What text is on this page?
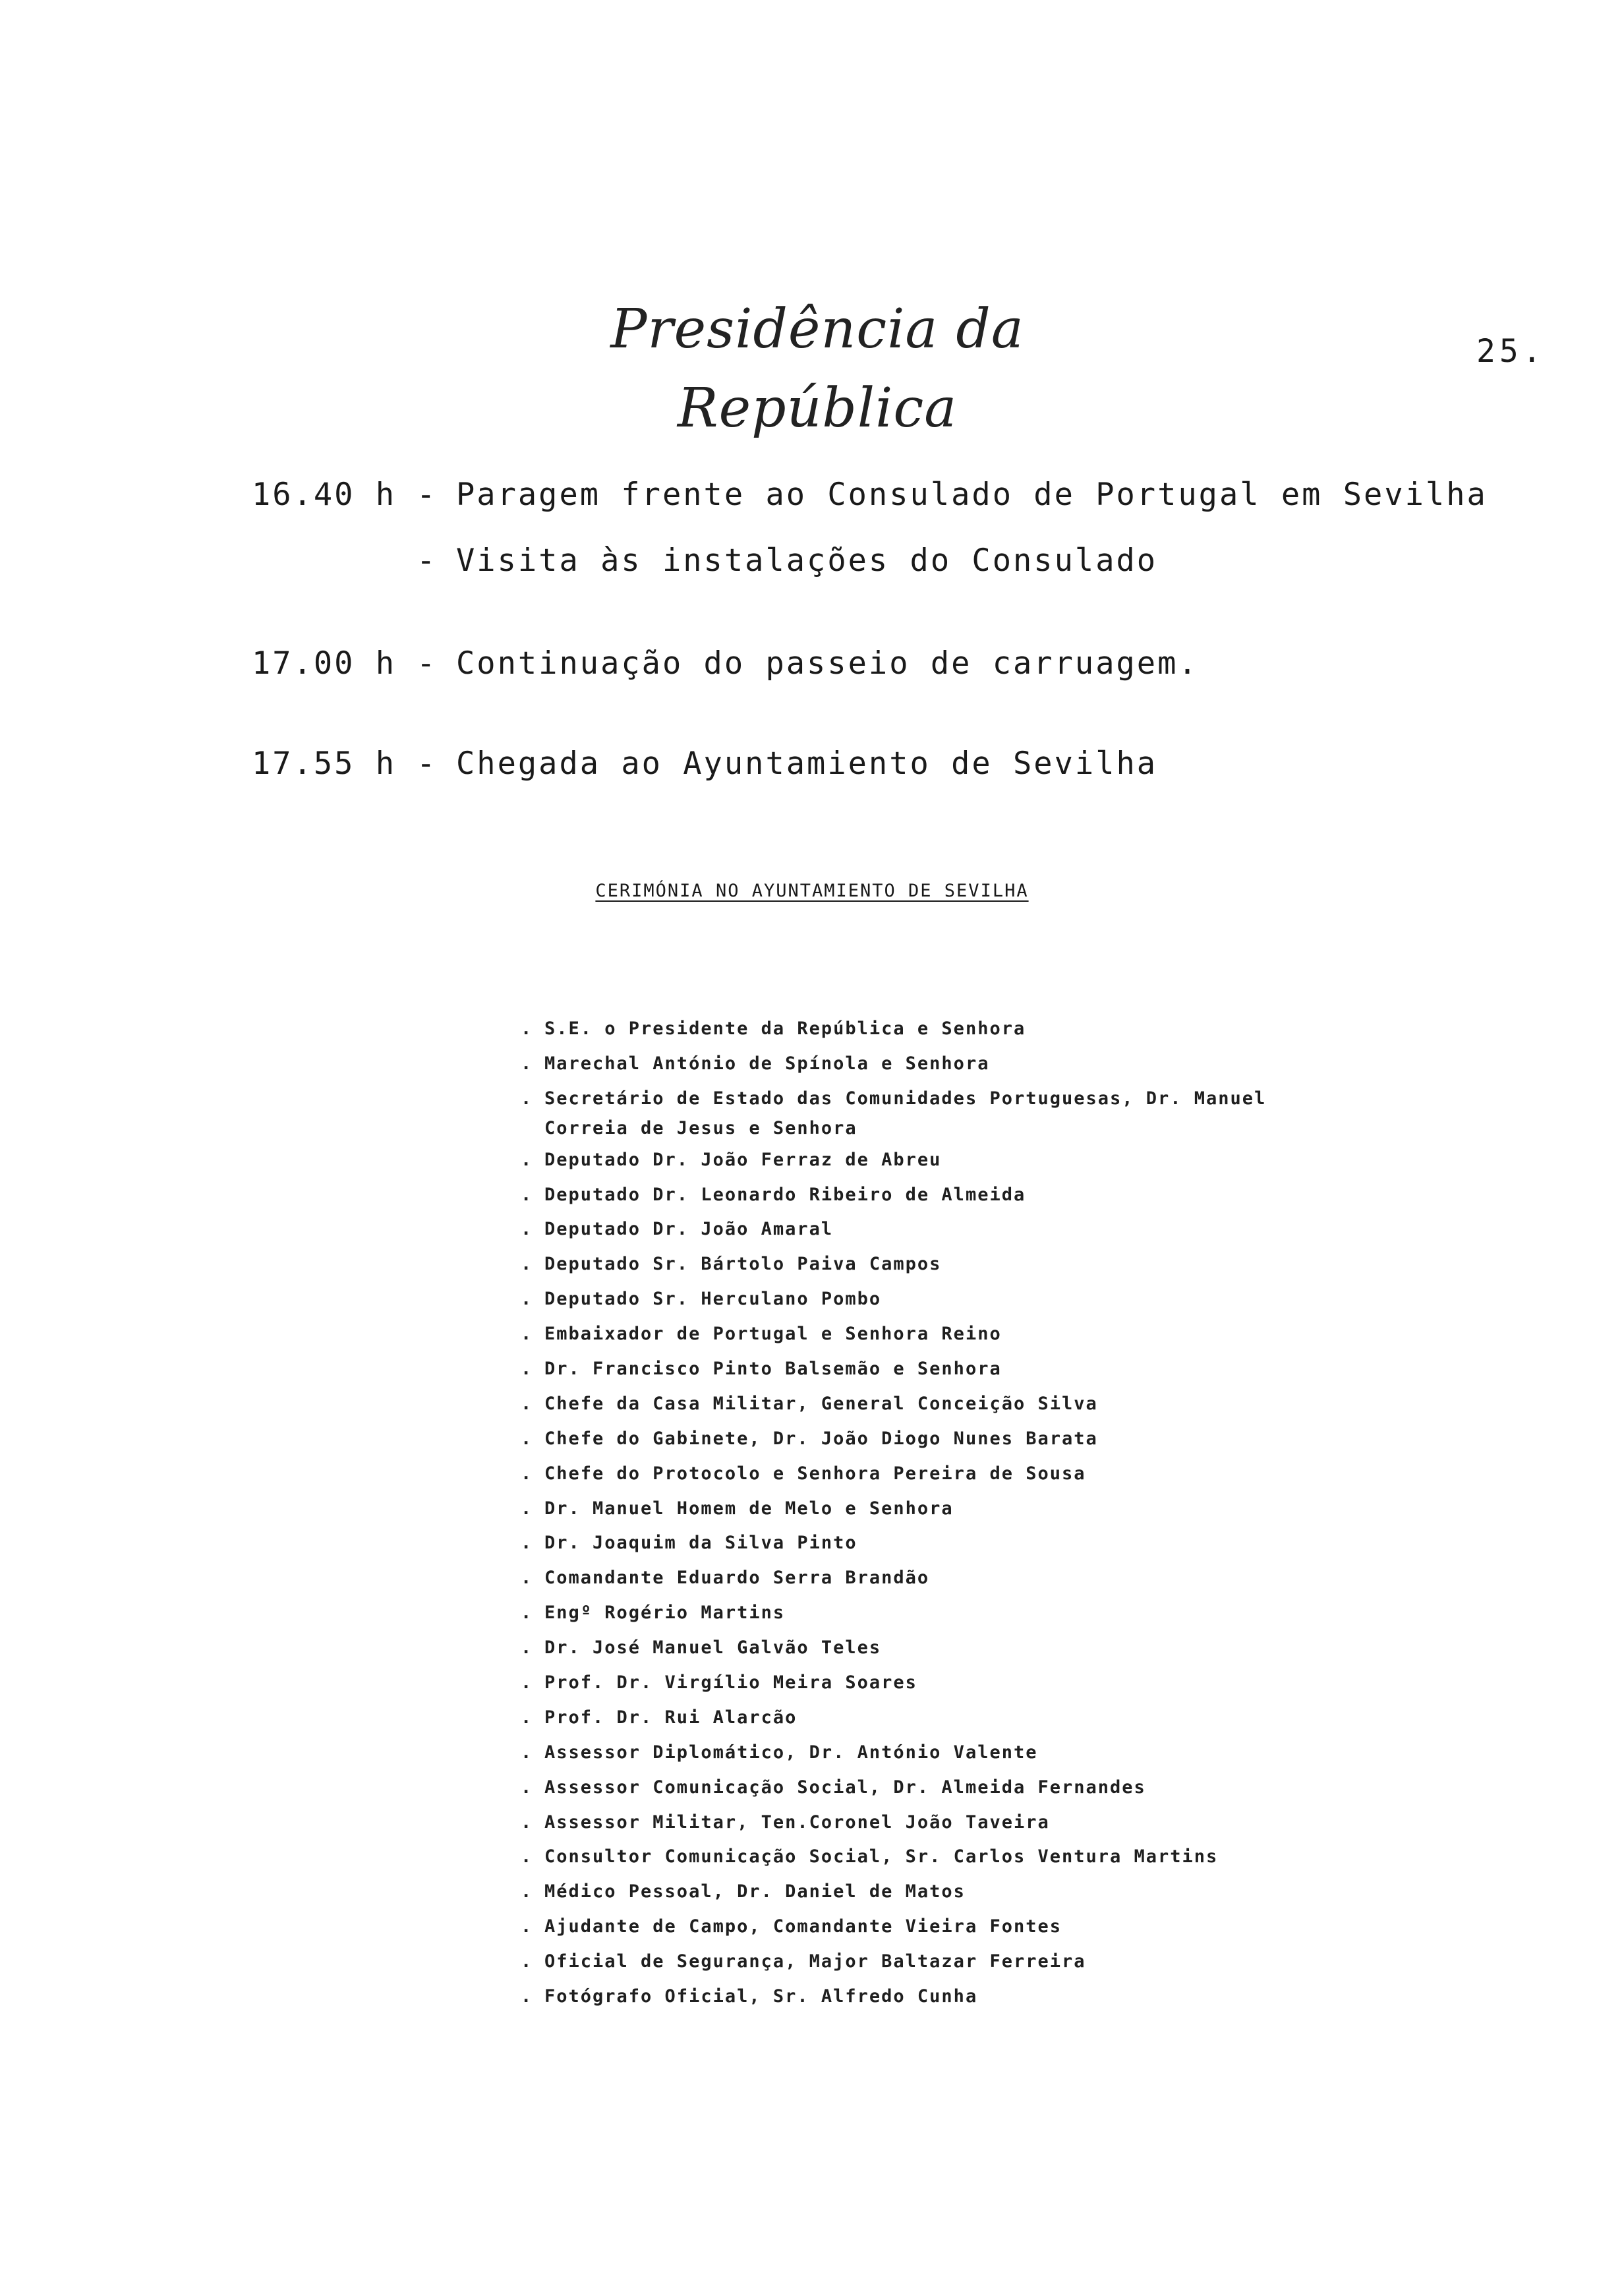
Presidência da República
25.
16.40 h - Paragem frente ao Consulado de Portugal em Sevilha
- Visita às instalações do Consulado
17.00 h - Continuação do passeio de carruagem.
17.55 h - Chegada ao Ayuntamiento de Sevilha
CERIMÓNIA NO AYUNTAMIENTO DE SEVILHA
. S.E. o Presidente da República e Senhora
. Marechal António de Spínola e Senhora
. Secretário de Estado das Comunidades Portuguesas, Dr. Manuel
Correia de Jesus e Senhora
. Deputado Dr. João Ferraz de Abreu
. Deputado Dr. Leonardo Ribeiro de Almeida
. Deputado Dr. João Amaral
. Deputado Sr. Bártolo Paiva Campos
. Deputado Sr. Herculano Pombo
. Embaixador de Portugal e Senhora Reino
. Dr. Francisco Pinto Balsemão e Senhora
. Chefe da Casa Militar, General Conceição Silva
. Chefe do Gabinete, Dr. João Diogo Nunes Barata
. Chefe do Protocolo e Senhora Pereira de Sousa
. Dr. Manuel Homem de Melo e Senhora
. Dr. Joaquim da Silva Pinto
. Comandante Eduardo Serra Brandão
. Engº Rogério Martins
. Dr. José Manuel Galvão Teles
. Prof. Dr. Virgílio Meira Soares
. Prof. Dr. Rui Alarcão
. Assessor Diplomático, Dr. António Valente
. Assessor Comunicação Social, Dr. Almeida Fernandes
. Assessor Militar, Ten.Coronel João Taveira
. Consultor Comunicação Social, Sr. Carlos Ventura Martins
. Médico Pessoal, Dr. Daniel de Matos
. Ajudante de Campo, Comandante Vieira Fontes
. Oficial de Segurança, Major Baltazar Ferreira
. Fotógrafo Oficial, Sr. Alfredo Cunha
